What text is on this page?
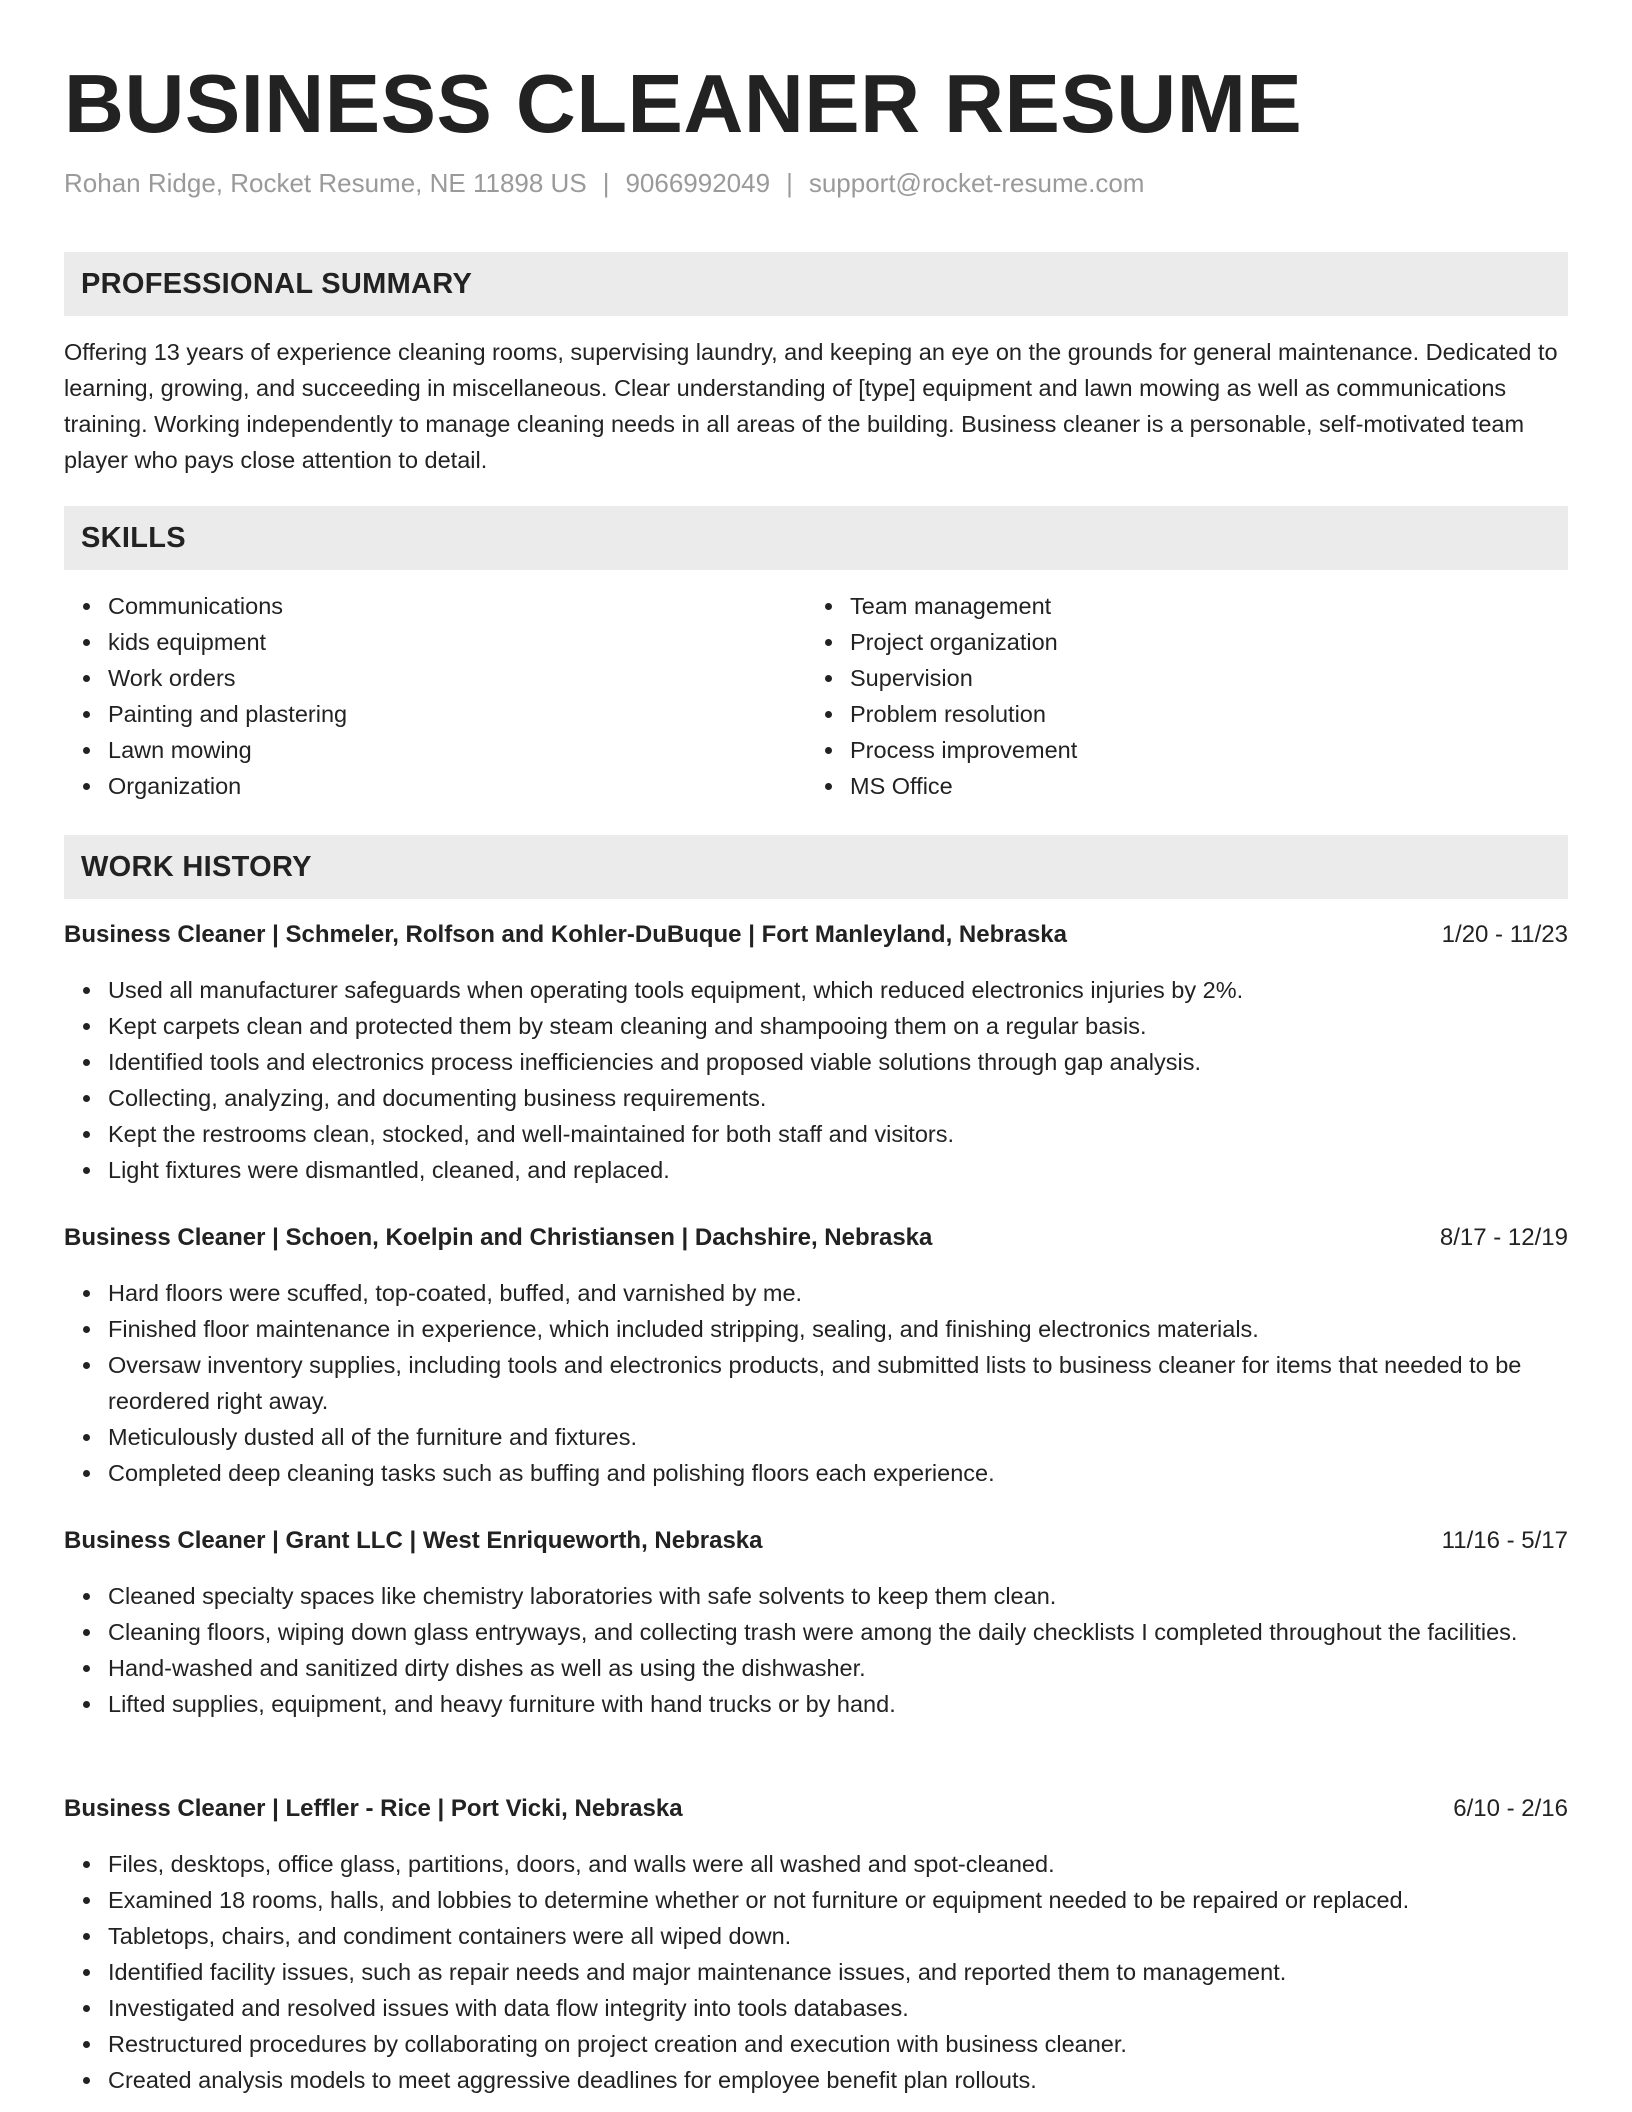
BUSINESS CLEANER RESUME
Rohan Ridge, Rocket Resume, NE 11898 US | 9066992049 | support@rocket-resume.com
PROFESSIONAL SUMMARY

Offering 13 years of experience cleaning rooms, supervising laundry, and keeping an eye on the grounds for general maintenance. Dedicated to learning, growing, and succeeding in miscellaneous. Clear understanding of [type] equipment and lawn mowing as well as communications training. Working independently to manage cleaning needs in all areas of the building. Business cleaner is a personable, self-motivated team player who pays close attention to detail.

SKILLS
Communications
kids equipment
Work orders
Painting and plastering
Lawn mowing
Organization
Team management
Project organization
Supervision
Problem resolution
Process improvement
MS Office
WORK HISTORY
Business Cleaner | Schmeler, Rolfson and Kohler-DuBuque | Fort Manleyland, Nebraska	1/20 - 11/23
Used all manufacturer safeguards when operating tools equipment, which reduced electronics injuries by 2%.
Kept carpets clean and protected them by steam cleaning and shampooing them on a regular basis.
Identified tools and electronics process inefficiencies and proposed viable solutions through gap analysis.
Collecting, analyzing, and documenting business requirements.
Kept the restrooms clean, stocked, and well-maintained for both staff and visitors.
Light fixtures were dismantled, cleaned, and replaced.
Business Cleaner | Schoen, Koelpin and Christiansen | Dachshire, Nebraska	8/17 - 12/19
Hard floors were scuffed, top-coated, buffed, and varnished by me.
Finished floor maintenance in experience, which included stripping, sealing, and finishing electronics materials.
Oversaw inventory supplies, including tools and electronics products, and submitted lists to business cleaner for items that needed to be reordered right away.
Meticulously dusted all of the furniture and fixtures.
Completed deep cleaning tasks such as buffing and polishing floors each experience.
Business Cleaner | Grant LLC | West Enriqueworth, Nebraska	11/16 - 5/17
Cleaned specialty spaces like chemistry laboratories with safe solvents to keep them clean.
Cleaning floors, wiping down glass entryways, and collecting trash were among the daily checklists I completed throughout the facilities.
Hand-washed and sanitized dirty dishes as well as using the dishwasher.
Lifted supplies, equipment, and heavy furniture with hand trucks or by hand.
Business Cleaner | Leffler - Rice | Port Vicki, Nebraska	6/10 - 2/16
Files, desktops, office glass, partitions, doors, and walls were all washed and spot-cleaned.
Examined 18 rooms, halls, and lobbies to determine whether or not furniture or equipment needed to be repaired or replaced.
Tabletops, chairs, and condiment containers were all wiped down.
Identified facility issues, such as repair needs and major maintenance issues, and reported them to management.
Investigated and resolved issues with data flow integrity into tools databases.
Restructured procedures by collaborating on project creation and execution with business cleaner.
Created analysis models to meet aggressive deadlines for employee benefit plan rollouts.
